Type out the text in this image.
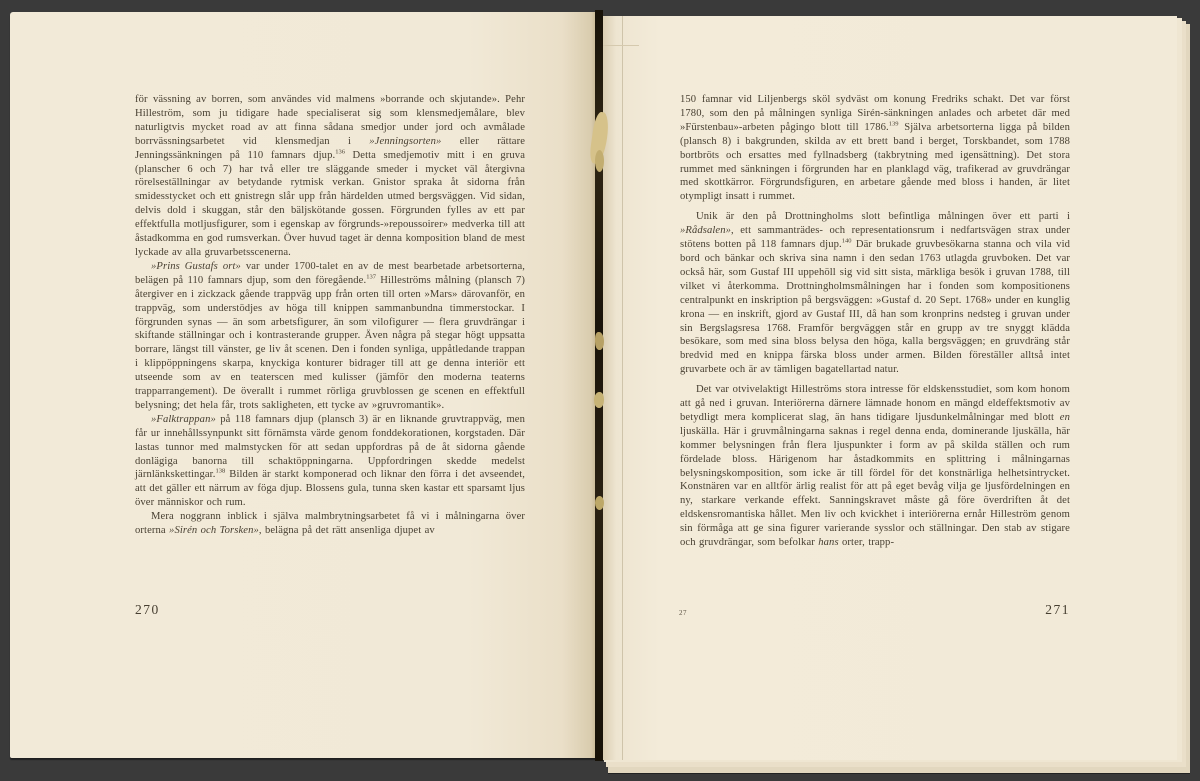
för vässning av borren, som användes vid malmens »borrande och skjutande». Pehr Hilleström, som ju tidigare hade specialiserat sig som klensmedjemålare, blev naturligtvis mycket road av att finna sådana smedjor under jord och avmålade borrvässningsarbetet vid klensmedjan i »Jenningsorten» eller rättare Jenningssänkningen på 110 famnars djup.$^{136}$ Detta smedjemotiv mitt i en gruva (planscher 6 och 7) har två eller tre släggande smeder i mycket väl återgivna rörelseställningar av betydande rytmisk verkan. Gnistor spraka åt sidorna från smidesstycket och ett gnistregn slår upp från härdelden utmed bergsväggen. Vid sidan, delvis dold i skuggan, står den bäljskötande gossen. Förgrunden fylles av ett par effektfulla motljusfigurer, som i egenskap av förgrunds-»repoussoirer» medverka till att åstadkomma en god rumsverkan. Över huvud taget är denna komposition bland de mest lyckade av alla gruvarbetsscenerna.

»Prins Gustafs ort» var under 1700-talet en av de mest bearbetade arbetsorterna, belägen på 110 famnars djup, som den föregående.$^{137}$ Hilleströms målning (plansch 7) återgiver en i zickzack gående trappväg upp från orten till orten »Mars» därovanför, en trappväg, som understödjes av höga till knippen sammanbundna timmerstockar. I förgrunden synas — än som arbetsfigurer, än som vilofigurer — flera gruvdrängar i skiftande ställningar och i kontrasterande grupper. Även några på stegar högt uppsatta borrare, längst till vänster, ge liv åt scenen. Den i fonden synliga, uppåtledande trappan i klippöppningens skarpa, knyckiga konturer bidrager till att ge denna interiör ett utseende som av en teaterscen med kulisser (jämför den moderna teaterns trapparrangement). De överallt i rummet rörliga gruvblossen ge scenen en effektfull belysning; det hela får, trots sakligheten, ett tycke av »gruvromantik».

»Falktrappan» på 118 famnars djup (plansch 3) är en liknande gruvtrappväg, men får ur innehållssynpunkt sitt förnämsta värde genom fonddekorationen, korgstaden. Där lastas tunnor med malmstycken för att sedan uppfordras på de åt sidorna gående donlägiga banorna till schaktöppningarna. Uppfordringen skedde medelst järnlänkskettingar.$^{138}$ Bilden är starkt komponerad och liknar den förra i det avseendet, att det gäller ett närrum av föga djup. Blossens gula, tunna sken kastar ett sparsamt ljus över människor och rum.

Mera noggrann inblick i själva malmbrytningsarbetet få vi i målningarna över orterna »Sirén och Torsken», belägna på det rätt ansenliga djupet av

270

150 famnar vid Liljenbergs sköl sydväst om konung Fredriks schakt. Det var först 1780, som den på målningen synliga Sirén-sänkningen anlades och arbetet där med »Fürstenbau»-arbeten pågingo blott till 1786.$^{139}$ Själva arbetsorterna ligga på bilden (plansch 8) i bakgrunden, skilda av ett brett band i berget, Torskbandet, som 1788 bortbröts och ersattes med fyllnadsberg (takbrytning med igensättning). Det stora rummet med sänkningen i förgrunden har en planklagd väg, trafikerad av gruvdrängar med skottkärror. Förgrundsfiguren, en arbetare gående med bloss i handen, är litet otympligt insatt i rummet.

Unik är den på Drottningholms slott befintliga målningen över ett parti i »Rådsalen», ett sammanträdes- och representationsrum i nedfartsvägen strax under stötens botten på 118 famnars djup.$^{140}$ Där brukade gruvbesökarna stanna och vila vid bord och bänkar och skriva sina namn i den sedan 1763 utlagda gruvboken. Det var också här, som Gustaf III uppehöll sig vid sitt sista, märkliga besök i gruvan 1788, till vilket vi återkomma. Drottningholmsmålningen har i fonden som kompositionens centralpunkt en inskription på bergsväggen: »Gustaf d. 20 Sept. 1768» under en kunglig krona — en inskrift, gjord av Gustaf III, då han som kronprins nedsteg i gruvan under sin Bergslagsresa 1768. Framför bergväggen står en grupp av tre snyggt klädda besökare, som med sina bloss belysa den höga, kalla bergsväggen; en gruvdräng står bredvid med en knippa färska bloss under armen. Bilden föreställer alltså intet gruvarbete och är av tämligen bagatellartad natur.

Det var otvivelaktigt Hilleströms stora intresse för eldskensstudiet, som kom honom att gå ned i gruvan. Interiörerna därnere lämnade honom en mängd eldeffektsmotiv av betydligt mera komplicerat slag, än hans tidigare ljusdunkelmålningar med blott en ljuskälla. Här i gruvmålningarna saknas i regel denna enda, dominerande ljuskälla, här kommer belysningen från flera ljuspunkter i form av på skilda ställen och rum fördelade bloss. Härigenom har åstadkommits en splittring i målningarnas belysningskomposition, som icke är till fördel för det konstnärliga helhetsintrycket. Konstnären var en alltför ärlig realist för att på eget bevåg vilja ge ljusfördelningen en ny, starkare verkande effekt. Sanningskravet måste gå före överdriften åt det eldskensromantiska hållet. Men liv och kvickhet i interiörerna ernår Hilleström genom sin förmåga att ge sina figurer varierande sysslor och ställningar. Den stab av stigare och gruvdrängar, som befolkar hans orter, trapp-

27	271
